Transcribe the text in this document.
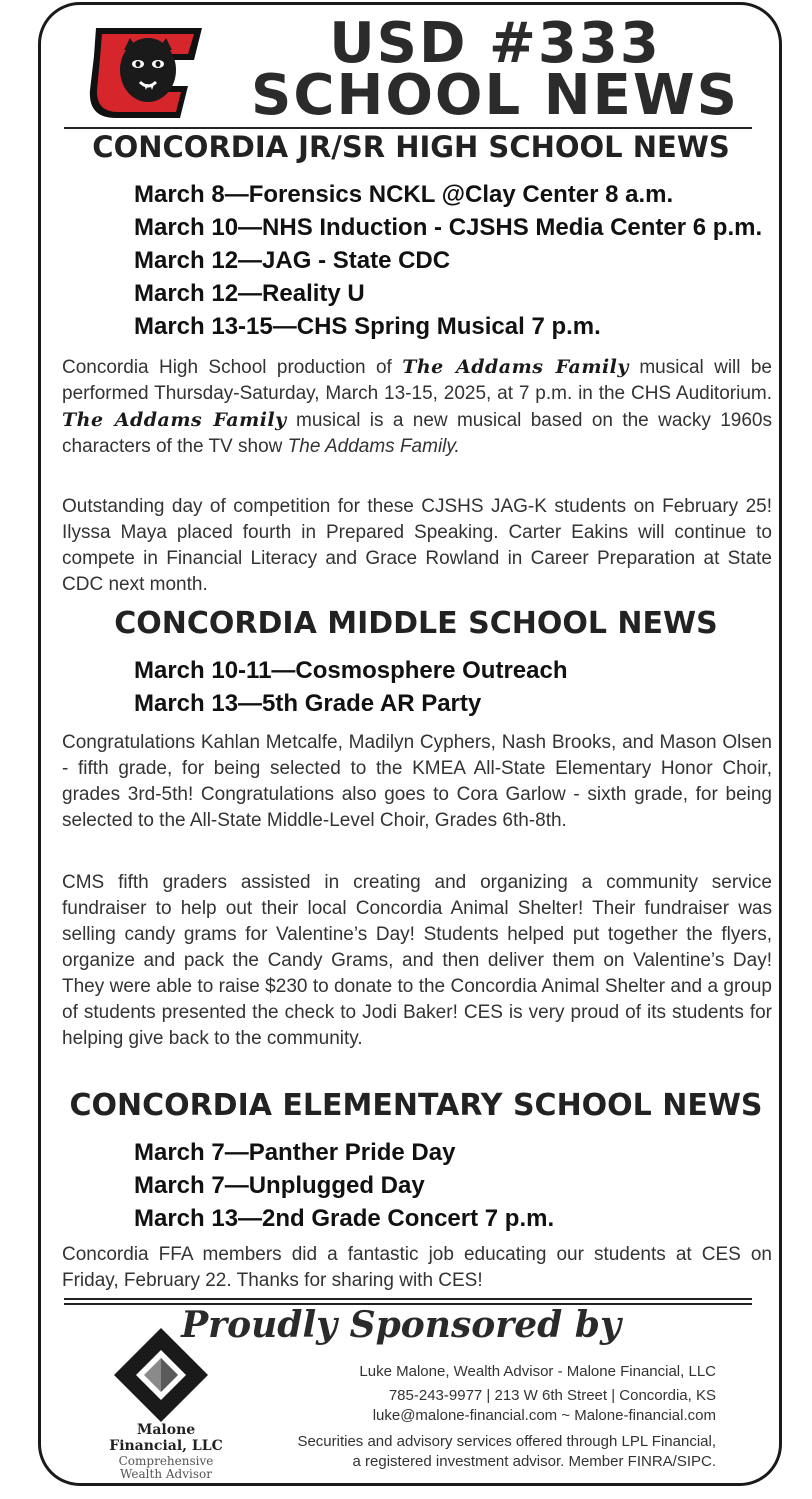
USD #333
SCHOOL NEWS
CONCORDIA JR/SR HIGH SCHOOL NEWS
March 8—Forensics NCKL @Clay Center 8 a.m.
March 10—NHS Induction - CJSHS Media Center 6 p.m.
March 12—JAG - State CDC
March 12—Reality U
March 13-15—CHS Spring Musical 7 p.m.

Concordia High School production of The Addams Family musical will be performed Thursday-Saturday, March 13-15, 2025, at 7 p.m. in the CHS Auditorium. The Addams Family musical is a new musical based on the wacky 1960s characters of the TV show The Addams Family.

Outstanding day of competition for these CJSHS JAG-K students on February 25! Ilyssa Maya placed fourth in Prepared Speaking. Carter Eakins will continue to compete in Financial Literacy and Grace Rowland in Career Preparation at State CDC next month.

CONCORDIA MIDDLE SCHOOL NEWS
March 10-11—Cosmosphere Outreach
March 13—5th Grade AR Party

Congratulations Kahlan Metcalfe, Madilyn Cyphers, Nash Brooks, and Mason Olsen - fifth grade, for being selected to the KMEA All-State Elementary Honor Choir, grades 3rd-5th! Congratulations also goes to Cora Garlow - sixth grade, for being selected to the All-State Middle-Level Choir, Grades 6th-8th.

CMS fifth graders assisted in creating and organizing a community service fundraiser to help out their local Concordia Animal Shelter! Their fundraiser was selling candy grams for Valentine’s Day! Students helped put together the flyers, organize and pack the Candy Grams, and then deliver them on Valentine’s Day! They were able to raise $230 to donate to the Concordia Animal Shelter and a group of students presented the check to Jodi Baker! CES is very proud of its students for helping give back to the community.

CONCORDIA ELEMENTARY SCHOOL NEWS
March 7—Panther Pride Day
March 7—Unplugged Day
March 13—2nd Grade Concert 7 p.m.

Concordia FFA members did a fantastic job educating our students at CES on Friday, February 22. Thanks for sharing with CES!

Proudly Sponsored by

Malone

Financial, LLC

Comprehensive

Wealth Advisor

Luke Malone, Wealth Advisor - Malone Financial, LLC

785-243-9977 | 213 W 6th Street | Concordia, KS

luke@malone-financial.com ~ Malone-financial.com

Securities and advisory services offered through LPL Financial,

a registered investment advisor. Member FINRA/SIPC.
